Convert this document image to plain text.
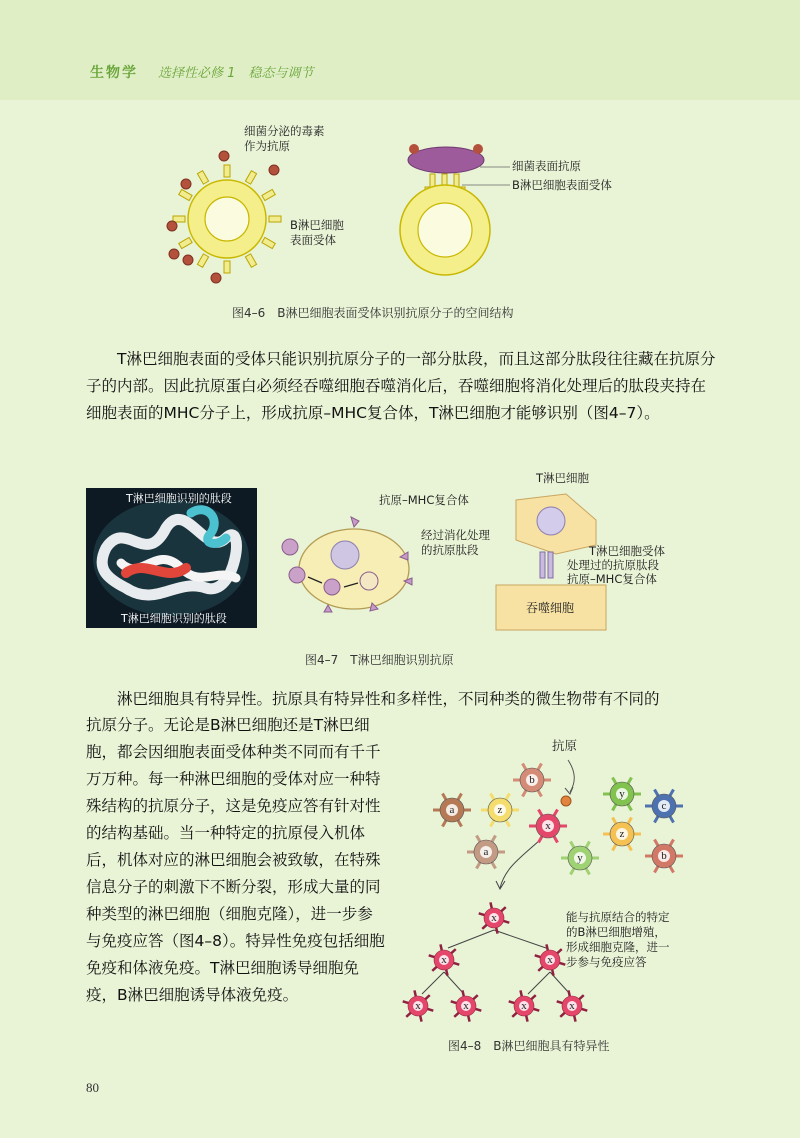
生物学 选择性必修 1　稳态与调节
细菌分泌的毒素
作为抗原
B淋巴细胞
表面受体
细菌表面抗原
B淋巴细胞表面受体
图4–6　B淋巴细胞表面受体识别抗原分子的空间结构
T淋巴细胞表面的受体只能识别抗原分子的一部分肽段，而且这部分肽段往往藏在抗原分子的内部。因此抗原蛋白必须经吞噬细胞吞噬消化后，吞噬细胞将消化处理后的肽段夹持在细胞表面的MHC分子上，形成抗原–MHC复合体，T淋巴细胞才能够识别（图4–7）。
T淋巴细胞识别的肽段
T淋巴细胞识别的肽段
抗原–MHC复合体
经过消化处理
的抗原肽段
T淋巴细胞
吞噬细胞
T淋巴细胞受体
处理过的抗原肽段
抗原–MHC复合体
图4–7　T淋巴细胞识别抗原
淋巴细胞具有特异性。抗原具有特异性和多样性，不同种类的微生物带有不同的
抗原分子。无论是B淋巴细胞还是T淋巴细胞，都会因细胞表面受体种类不同而有千千万万种。每一种淋巴细胞的受体对应一种特殊结构的抗原分子，这是免疫应答有针对性的结构基础。当一种特定的抗原侵入机体后，机体对应的淋巴细胞会被致敏，在特殊信息分子的刺激下不断分裂，形成大量的同种类型的淋巴细胞（细胞克隆），进一步参与免疫应答（图4–8）。特异性免疫包括细胞免疫和体液免疫。T淋巴细胞诱导细胞免疫，B淋巴细胞诱导体液免疫。
抗原
a
b
z
x
y
c
a
z
y	b
x
x	x
x	x	x	x
能与抗原结合的特定
的B淋巴细胞增殖，
形成细胞克隆，进一
步参与免疫应答
图4–8　B淋巴细胞具有特异性
80
